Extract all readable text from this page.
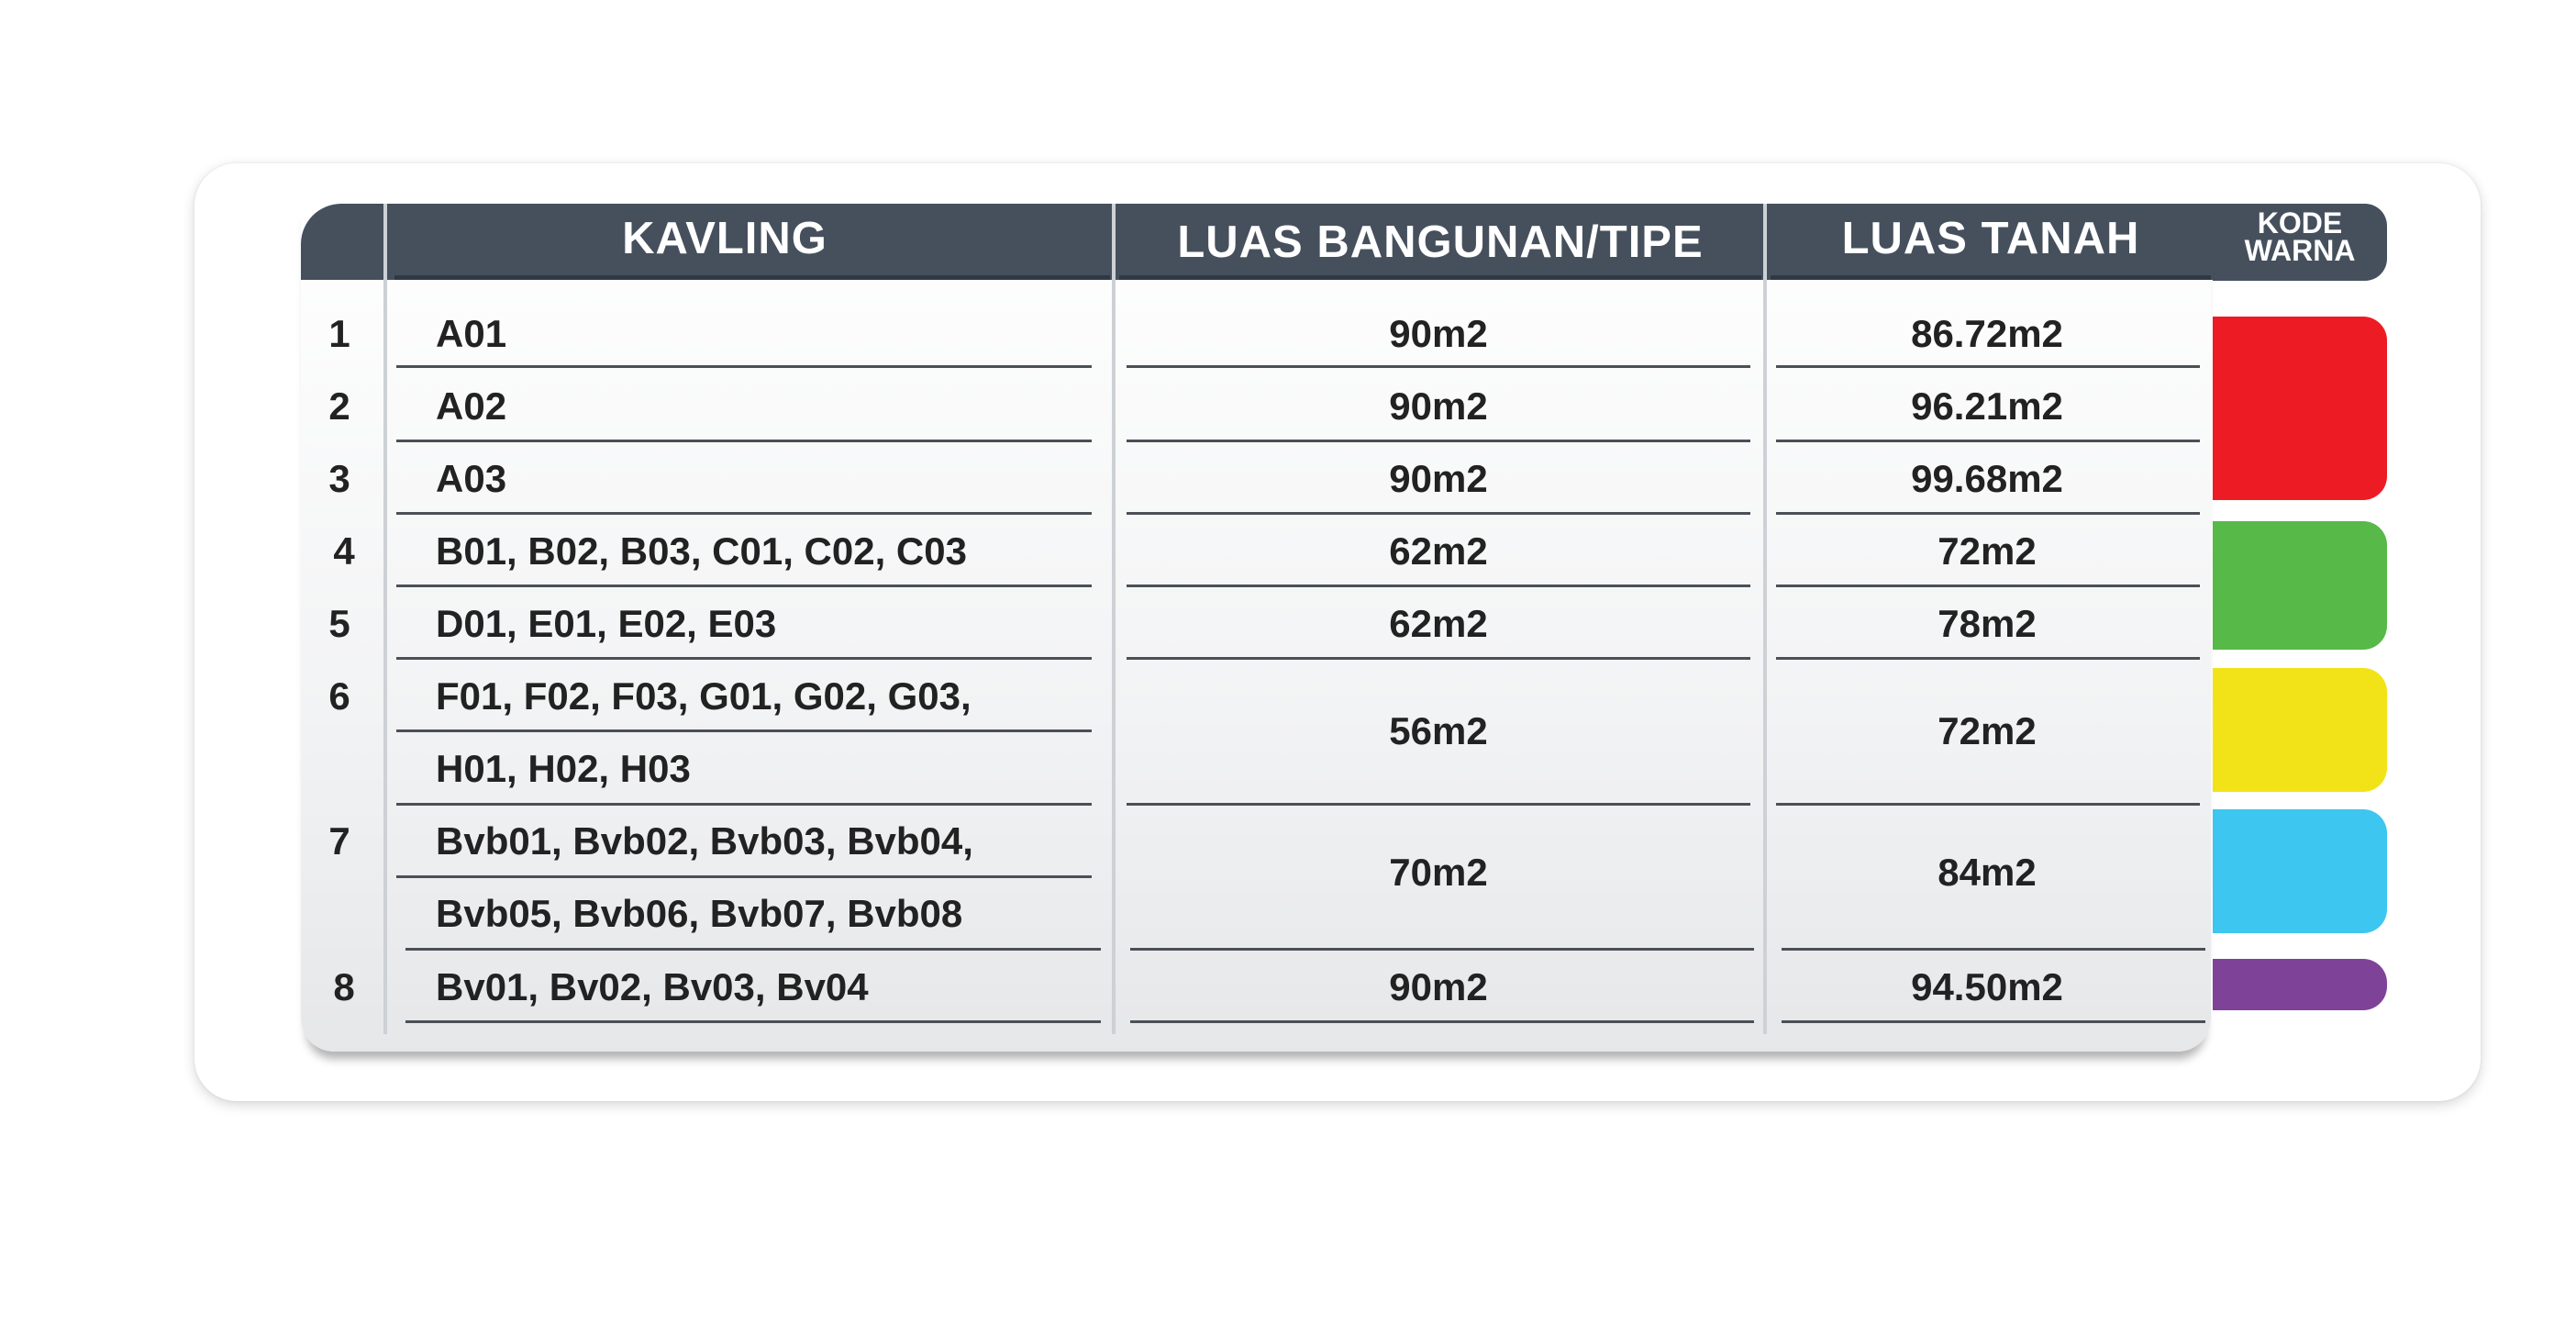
KAVLING	LUAS BANGUNAN/TIPE	LUAS TANAH	KODE
WARNA
1	A01	90m2	86.72m2
2	A02	90m2	96.21m2
3	A03	90m2	99.68m2
4	B01, B02, B03, C01, C02, C03	62m2	72m2
5	D01, E01, E02, E03	62m2	78m2
6	F01, F02, F03, G01, G02, G03,
H01, H02, H03
56m2	72m2
7	Bvb01, Bvb02, Bvb03, Bvb04,
Bvb05, Bvb06, Bvb07, Bvb08
70m2	84m2
8	Bv01, Bv02, Bv03, Bv04	90m2	94.50m2
